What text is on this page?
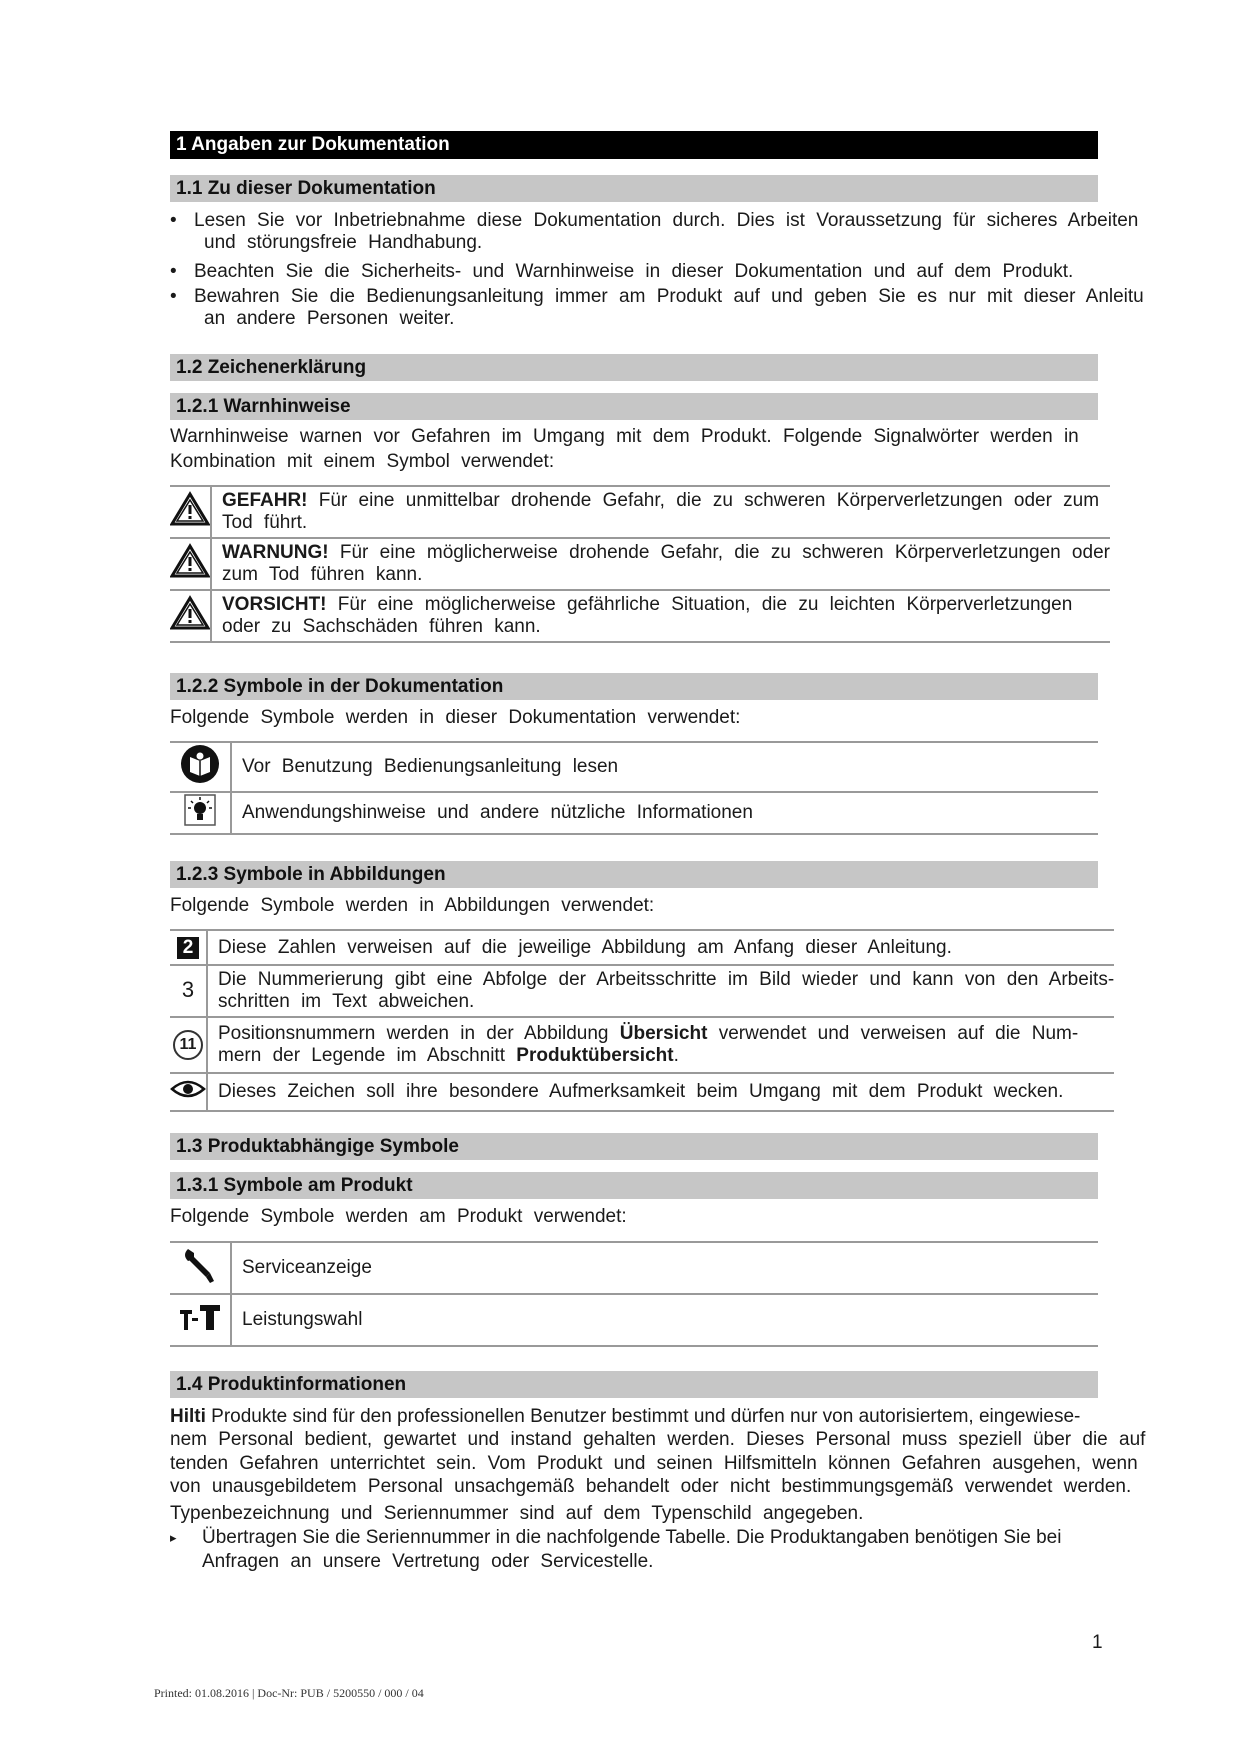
1 Angaben zur Dokumentation
1.1 Zu dieser Dokumentation
• Lesen Sie vor Inbetriebnahme diese Dokumentation durch. Dies ist Voraussetzung für sicheres Arbeiten
und störungsfreie Handhabung.
• Beachten Sie die Sicherheits- und Warnhinweise in dieser Dokumentation und auf dem Produkt.
• Bewahren Sie die Bedienungsanleitung immer am Produkt auf und geben Sie es nur mit dieser Anleitu
an andere Personen weiter.
1.2 Zeichenerklärung
1.2.1 Warnhinweise
Warnhinweise warnen vor Gefahren im Umgang mit dem Produkt. Folgende Signalwörter werden in
Kombination mit einem Symbol verwendet:
	GEFAHR! Für eine unmittelbar drohende Gefahr, die zu schweren Körperverletzungen oder zum
Tod führt.
	WARNUNG! Für eine möglicherweise drohende Gefahr, die zu schweren Körperverletzungen oder
zum Tod führen kann.
	VORSICHT! Für eine möglicherweise gefährliche Situation, die zu leichten Körperverletzungen
oder zu Sachschäden führen kann.
1.2.2 Symbole in der Dokumentation
Folgende Symbole werden in dieser Dokumentation verwendet:
	Vor Benutzung Bedienungsanleitung lesen
	Anwendungshinweise und andere nützliche Informationen
1.2.3 Symbole in Abbildungen
Folgende Symbole werden in Abbildungen verwendet:
2	Diese Zahlen verweisen auf die jeweilige Abbildung am Anfang dieser Anleitung.
3	Die Nummerierung gibt eine Abfolge der Arbeitsschritte im Bild wieder und kann von den Arbeits-
schritten im Text abweichen.
11	Positionsnummern werden in der Abbildung Übersicht verwendet und verweisen auf die Num-
mern der Legende im Abschnitt Produktübersicht.
	Dieses Zeichen soll ihre besondere Aufmerksamkeit beim Umgang mit dem Produkt wecken.
1.3 Produktabhängige Symbole
1.3.1 Symbole am Produkt
Folgende Symbole werden am Produkt verwendet:
	Serviceanzeige
	Leistungswahl
1.4 Produktinformationen
Hilti Produkte sind für den professionellen Benutzer bestimmt und dürfen nur von autorisiertem, eingewiese-
nem Personal bedient, gewartet und instand gehalten werden. Dieses Personal muss speziell über die auf
tenden Gefahren unterrichtet sein. Vom Produkt und seinen Hilfsmitteln können Gefahren ausgehen, wenn
von unausgebildetem Personal unsachgemäß behandelt oder nicht bestimmungsgemäß verwendet werden.
Typenbezeichnung und Seriennummer sind auf dem Typenschild angegeben.
▸ Übertragen Sie die Seriennummer in die nachfolgende Tabelle. Die Produktangaben benötigen Sie bei
Anfragen an unsere Vertretung oder Servicestelle.
1
Printed: 01.08.2016 | Doc-Nr: PUB / 5200550 / 000 / 04
